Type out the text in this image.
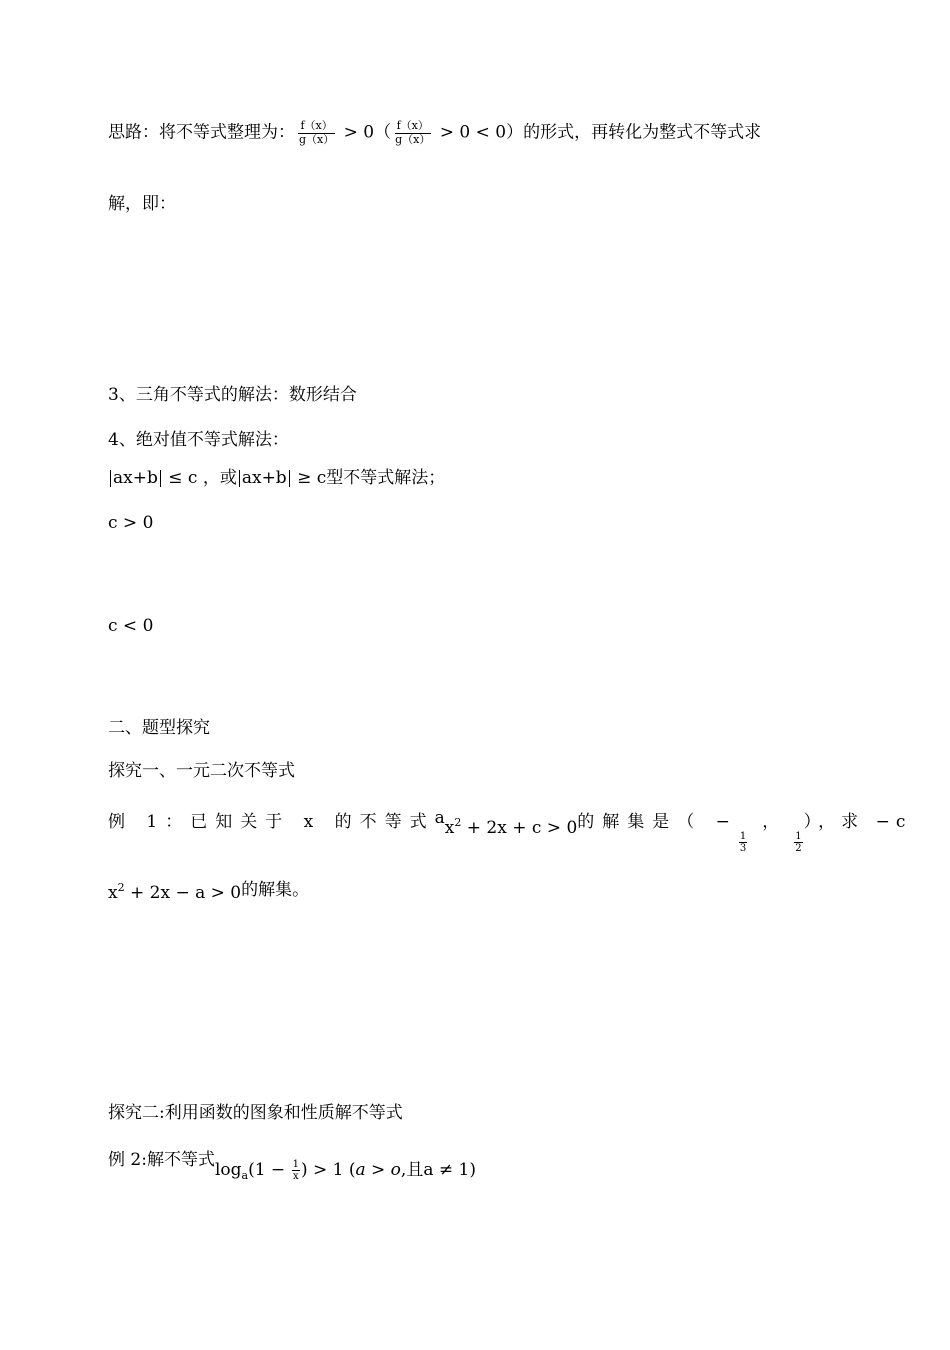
思路：将不等式整理为： $\frac{f(x)}{g(x)} > 0( \frac{f(x)}{g(x)} > 0 < 0)$的形式，再转化为整式不等式求
解，即：
3、三角不等式的解法：数形结合
4、绝对值不等式解法：
ax+b ≤ c ，或 ax+b ≥ c型不等式解法；
c > 0
c < 0
二、题型探究
探究一、一元二次不等式
例 1：已知关于 x 的不等式$ax^2 + 2x + c > 0$的解集是（ −
$\frac{1}{3}$
，
$\frac{1}{2}$
），求 −c
$x^2 + 2x - a > 0$的解集。
探究二:利用函数的图象和性质解不等式
例 2:解不等式$\log_a(1 - \frac{1}{x}$ ) > 1 (a > o,且a ≠ 1)
